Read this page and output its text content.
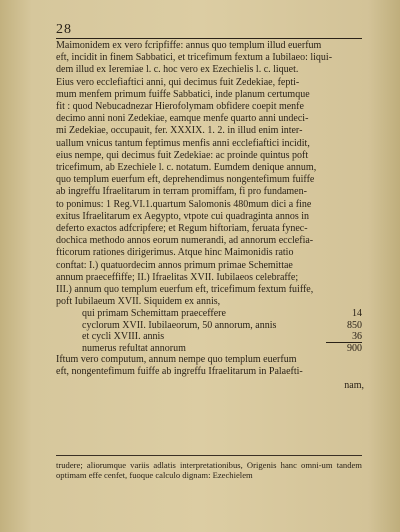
28

Maimonidem ex vero fcripfiffe: annus quo templum illud euerfum

eft, incidit in finem Sabbatici, et tricefimum fextum a Iubilaeo: liqui-

dem illud ex Ieremiae l. c. hoc vero ex Ezechielis l. c. liquet.

Eius vero ecclefiaftici anni, qui decimus fuit Zedekiae, fepti-

mum menfem primum fuiffe Sabbatici, inde planum certumque

fit : quod Nebucadnezar Hierofolymam obfidere coepit menfe

decimo anni noni Zedekiae, eamque menfe quarto anni undeci-

mi Zedekiae, occupauit, fer. XXXIX. 1. 2. in illud enim inter-

uallum vnicus tantum feptimus menfis anni ecclefiaftici incidit,

eius nempe, qui decimus fuit Zedekiae: ac proinde quintus poft

tricefimum, ab Ezechiele l. c. notatum. Eumdem denique annum,

quo templum euerfum eft, deprehendimus nongentefimum fuiffe

ab ingreffu Ifraelitarum in terram promiffam, fi pro fundamen-

to ponimus: 1 Reg.VI.1.quartum Salomonis 480mum dici a fine

exitus Ifraelitarum ex Aegypto, vtpote cui quadraginta annos in

deferto exactos adfcripfere; et Regum hiftoriam, feruata fynec-

dochica methodo annos eorum numerandi, ad annorum ecclefia-

fticorum rationes dirigerimus. Atque hinc Maimonidis ratio

conftat: I.) quatuordecim annos primum primae Schemittae

annum praeceffiffe; II.) Ifraelitas XVII. Iubilaeos celebraffe;

III.) annum quo templum euerfum eft, tricefimum fextum fuiffe,

poft Iubilaeum XVII. Siquidem ex annis,

qui primam Schemittam praeceffere	14
cyclorum XVII. Iubilaeorum, 50 annorum, annis	850
et cycli XVIII. annis	36
numerus refultat annorum	900

Iftum vero computum, annum nempe quo templum euerfum

eft, nongentefimum fuiffe ab ingreffu Ifraelitarum in Palaefti-

nam,
trudere; aliorumque variis adlatis interpretationibus, Origenis hanc omni-um tandem optimam effe cenfet, fuoque calculo dignam: Ezechielem
